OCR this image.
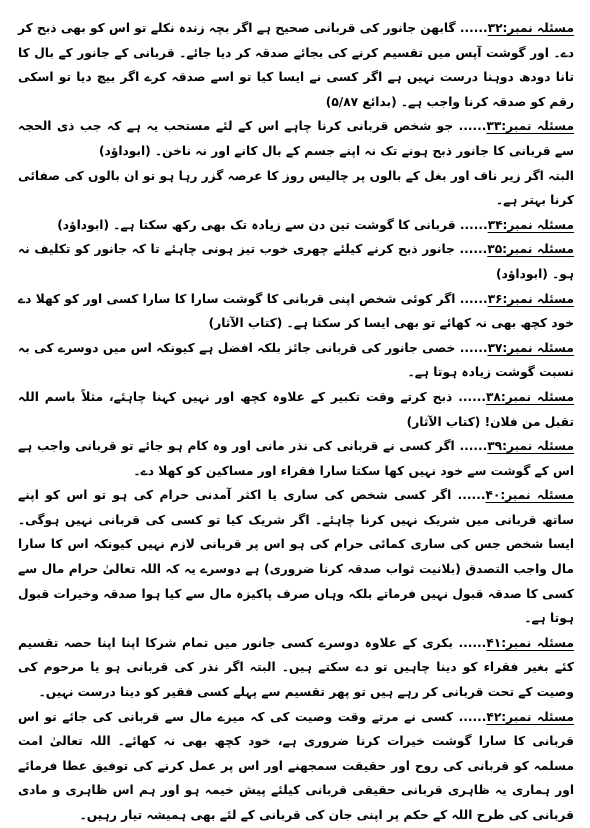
مسئلہ نمبر:۳۲...... گابھن جانور کی قربانی صحیح ہے اگر بچہ زندہ نکلے تو اس کو بھی ذبح کر دے۔ اور گوشت آپس میں تقسیم کرنے کی بجائے صدقہ کر دیا جائے۔ قربانی کے جانور کے بال کا تانا دودھ دوہنا درست نہیں ہے اگر کسی نے ایسا کیا تو اسے صدقہ کرے اگر بیچ دیا تو اسکی رقم کو صدقہ کرنا واجب ہے۔ (بدائع ۵/۸۷)

مسئلہ نمبر:۳۳...... جو شخص قربانی کرنا چاہے اس کے لئے مستحب یہ ہے کہ جب ذی الحجہ سے قربانی کا جانور ذبح ہونے تک نہ اپنے جسم کے بال کانے اور نہ ناخن۔ (ابوداؤد)

البتہ اگر زیر ناف اور بغل کے بالوں پر چالیس روز کا عرصہ گزر رہا ہو تو ان بالوں کی صفائی کرنا بہتر ہے۔

مسئلہ نمبر:۳۴...... قربانی کا گوشت تین دن سے زیادہ تک بھی رکھ سکتا ہے۔ (ابوداؤد)

مسئلہ نمبر:۳۵...... جانور ذبح کرنے کیلئے چھری خوب تیز ہونی چاہئے تا کہ جانور کو تکلیف نہ ہو۔ (ابوداؤد)

مسئلہ نمبر:۳۶...... اگر کوئی شخص اپنی قربانی کا گوشت سارا کا سارا کسی اور کو کھلا دے خود کچھ بھی نہ کھائے تو بھی ایسا کر سکتا ہے۔ (کتاب الآثار)

مسئلہ نمبر:۳۷...... خصی جانور کی قربانی جائز بلکہ افضل ہے کیونکہ اس میں دوسرے کی بہ نسبت گوشت زیادہ ہوتا ہے۔

مسئلہ نمبر:۳۸...... ذبح کرتے وقت تکبیر کے علاوہ کچھ اور نہیں کہنا چاہئے، مثلاً باسم اللہ تقبل من فلان! (کتاب الآثار)

مسئلہ نمبر:۳۹...... اگر کسی نے قربانی کی نذر مانی اور وہ کام ہو جائے تو قربانی واجب ہے اس کے گوشت سے خود نہیں کھا سکتا سارا فقراء اور مساکین کو کھلا دے۔

مسئلہ نمبر:۴۰...... اگر کسی شخص کی ساری یا اکثر آمدنی حرام کی ہو تو اس کو اپنے ساتھ قربانی میں شریک نہیں کرنا چاہئے۔ اگر شریک کیا تو کسی کی قربانی نہیں ہوگی۔ ایسا شخص جس کی ساری کمائی حرام کی ہو اس پر قربانی لازم نہیں کیونکہ اس کا سارا مال واجب التصدق (بلانیت ثواب صدقہ کرنا ضروری) ہے دوسرے یہ کہ اللہ تعالیٰ حرام مال سے کسی کا صدقہ قبول نہیں فرماتے بلکہ وہاں صرف پاکیزہ مال سے کیا ہوا صدقہ وخیرات قبول ہوتا ہے۔

مسئلہ نمبر:۴۱...... بکری کے علاوہ دوسرے کسی جانور میں تمام شرکا اپنا اپنا حصہ تقسیم کئے بغیر فقراء کو دینا چاہیں تو دے سکتے ہیں۔ البتہ اگر نذر کی قربانی ہو یا مرحوم کی وصیت کے تحت قربانی کر رہے ہیں تو پھر تقسیم سے پہلے کسی فقیر کو دینا درست نہیں۔

مسئلہ نمبر:۴۲...... کسی نے مرتے وقت وصیت کی کہ میرے مال سے قربانی کی جائے تو اس قربانی کا سارا گوشت خیرات کرنا ضروری ہے، خود کچھ بھی نہ کھائے۔ اللہ تعالیٰ امت مسلمہ کو قربانی کی روح اور حقیقت سمجھنے اور اس پر عمل کرنے کی توفیق عطا فرمائے اور ہماری یہ ظاہری قربانی حقیقی قربانی کیلئے پیش خیمہ ہو اور ہم اس ظاہری و مادی قربانی کی طرح اللہ کے حکم پر اپنی جان کی قربانی کے لئے بھی ہمیشہ تیار رہیں۔
